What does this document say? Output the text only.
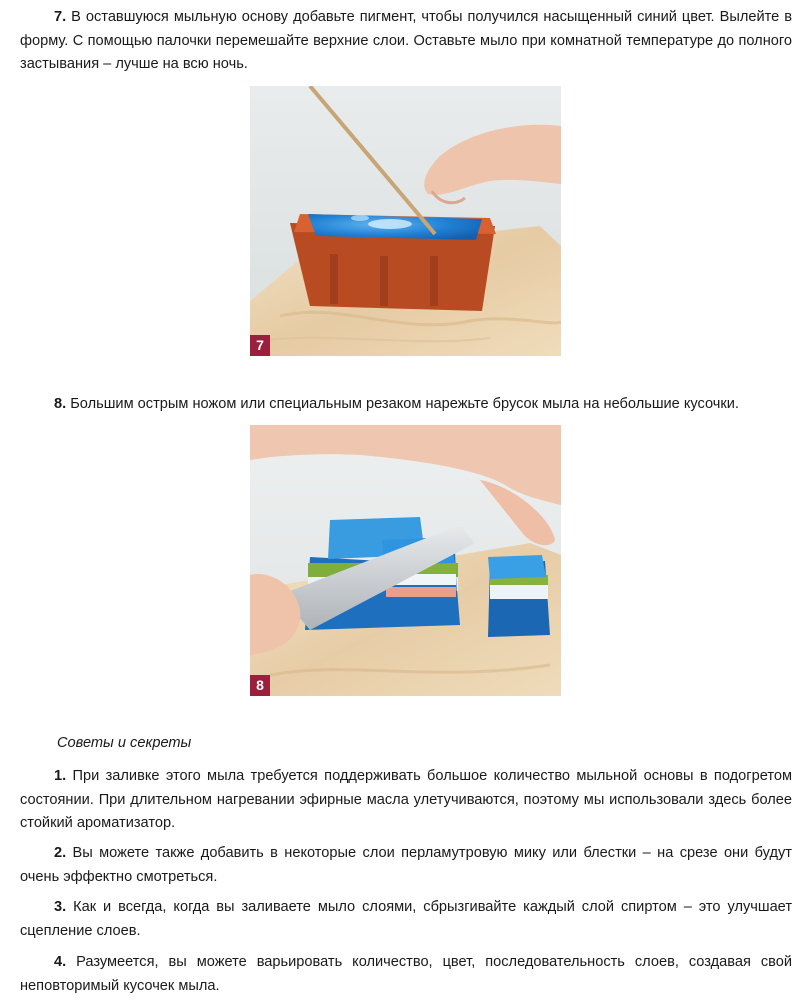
7. В оставшуюся мыльную основу добавьте пигмент, чтобы получился насыщенный синий цвет. Вылейте в форму. С помощью палочки перемешайте верхние слои. Оставьте мыло при комнатной температуре до полного застывания – лучше на всю ночь.
7
8. Большим острым ножом или специальным резаком нарежьте брусок мыла на небольшие кусочки.
8
Советы и секреты
1. При заливке этого мыла требуется поддерживать большое количество мыльной основы в подогретом состоянии. При длительном нагревании эфирные масла улетучиваются, поэтому мы использовали здесь более стойкий ароматизатор.
2. Вы можете также добавить в некоторые слои перламутровую мику или блестки – на срезе они будут очень эффектно смотреться.
3. Как и всегда, когда вы заливаете мыло слоями, сбрызгивайте каждый слой спиртом – это улучшает сцепление слоев.
4. Разумеется, вы можете варьировать количество, цвет, последовательность слоев, создавая свой неповторимый кусочек мыла.
